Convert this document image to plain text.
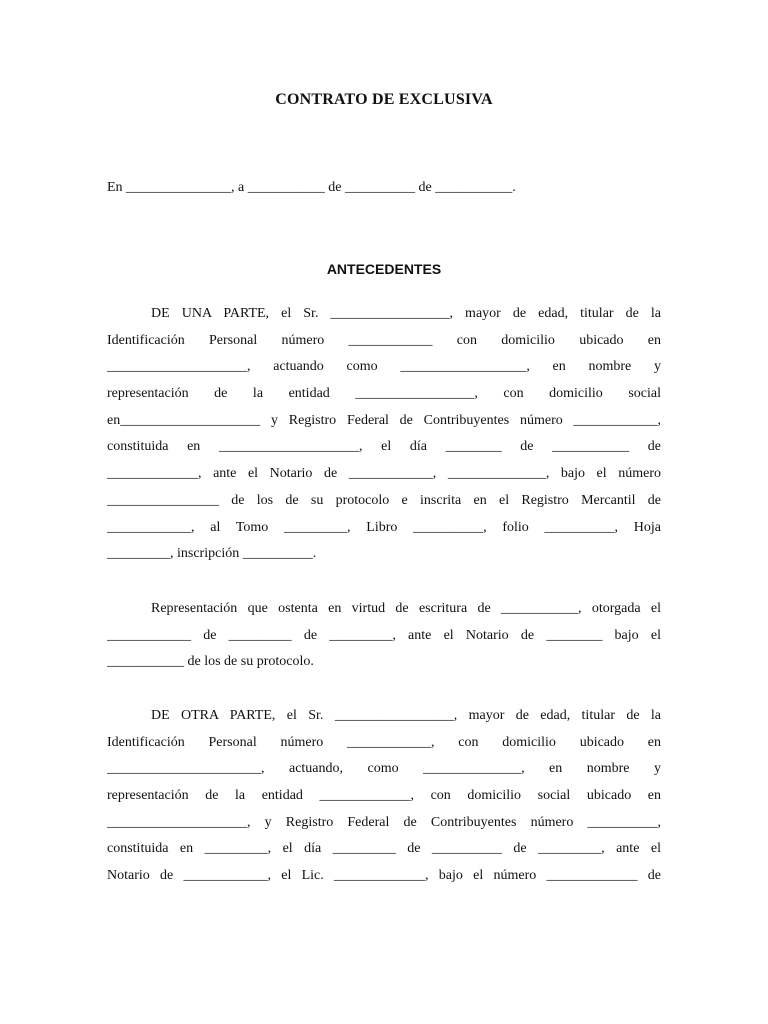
CONTRATO DE EXCLUSIVA
En _______________, a ___________ de __________ de ___________.
ANTECEDENTES
DE UNA PARTE, el Sr. _________________, mayor de edad, titular de la
Identificación Personal número ____________ con domicilio ubicado en
____________________, actuando como __________________, en nombre y
representación de la entidad _________________, con domicilio social
en____________________ y Registro Federal de Contribuyentes número ____________,
constituida en ____________________, el día ________ de ___________ de
_____________, ante el Notario de ____________, ______________, bajo el número
________________ de los de su protocolo e inscrita en el Registro Mercantil de
____________, al Tomo _________, Libro __________, folio __________, Hoja
_________, inscripción __________.
Representación que ostenta en virtud de escritura de ___________, otorgada el
____________ de _________ de _________, ante el Notario de ________ bajo el
___________ de los de su protocolo.
DE OTRA PARTE, el Sr. _________________, mayor de edad, titular de la
Identificación Personal número ____________, con domicilio ubicado en
______________________, actuando, como ______________, en nombre y
representación de la entidad _____________, con domicilio social ubicado en
____________________, y Registro Federal de Contribuyentes número __________,
constituida en _________, el día _________ de __________ de _________, ante el
Notario de ____________, el Lic. _____________, bajo el número _____________ de
